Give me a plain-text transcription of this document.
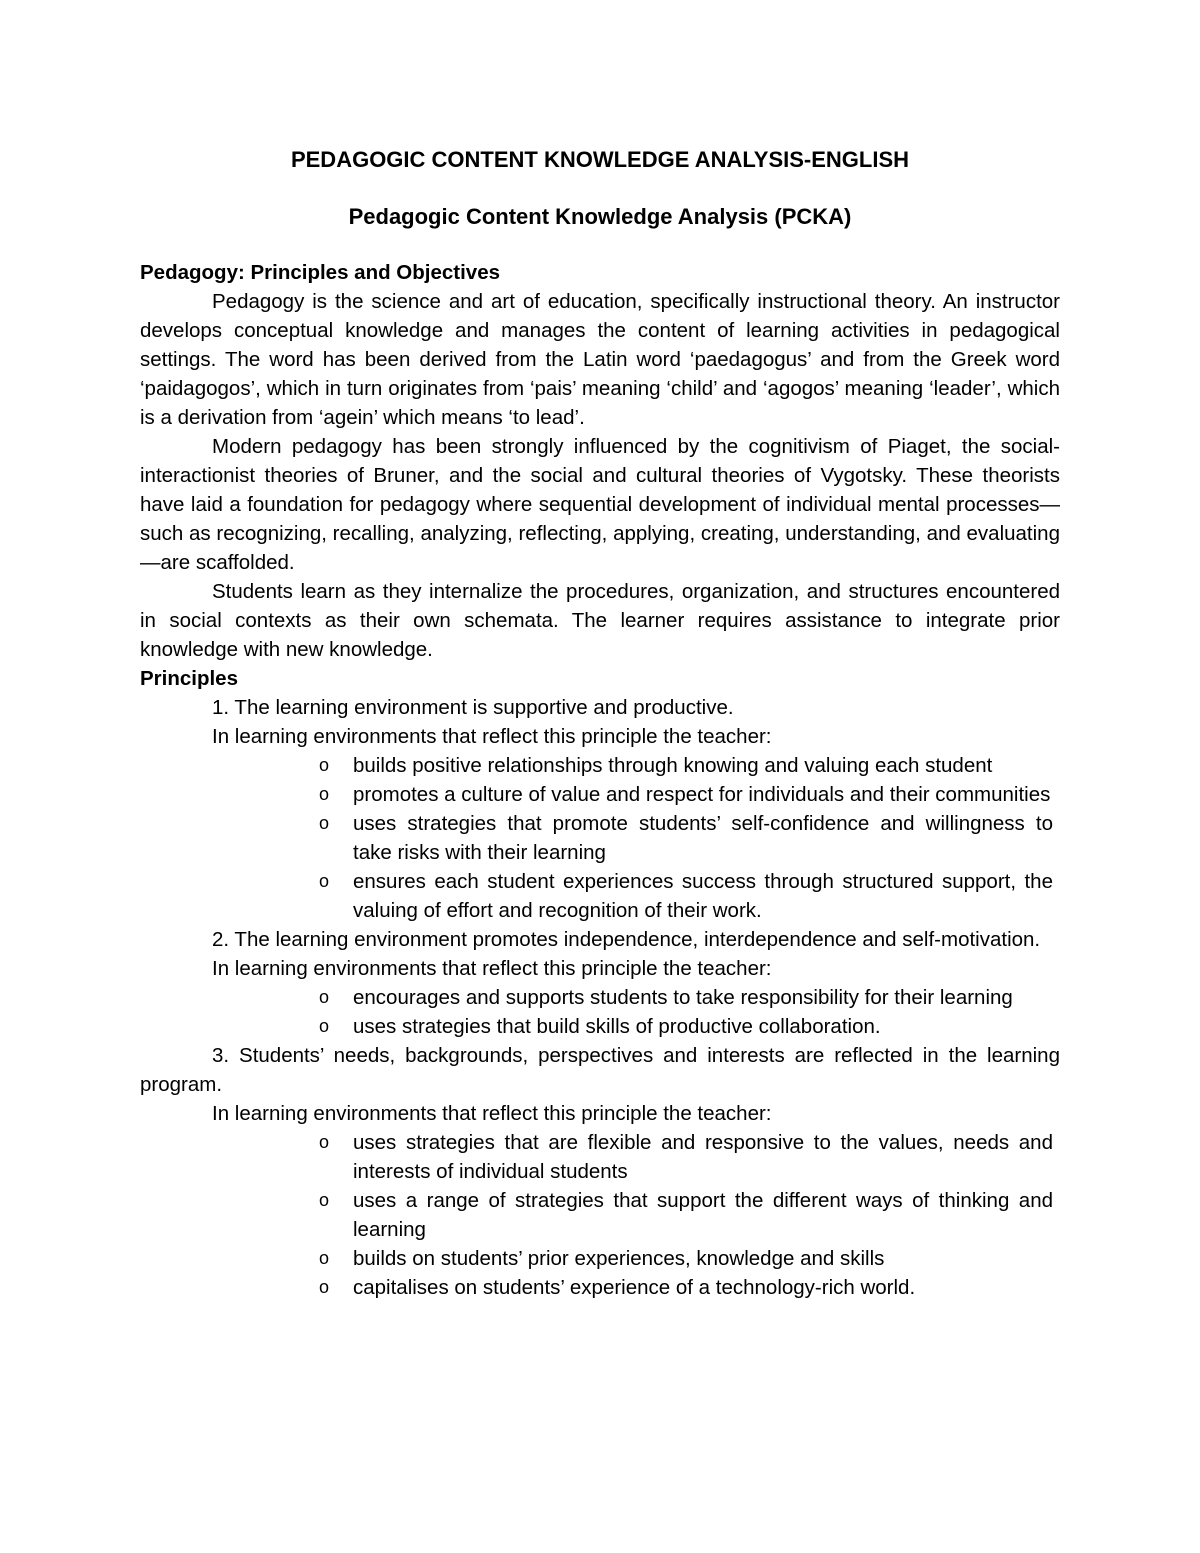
PEDAGOGIC CONTENT KNOWLEDGE ANALYSIS-ENGLISH
Pedagogic Content Knowledge Analysis (PCKA)

Pedagogy: Principles and Objectives

Pedagogy is the science and art of education, specifically instructional theory. An instructor develops conceptual knowledge and manages the content of learning activities in pedagogical settings. The word has been derived from the Latin word ‘paedagogus’ and from the Greek word ‘paidagogos’, which in turn originates from ‘pais’ meaning ‘child’ and ‘agogos’ meaning ‘leader’, which is a derivation from ‘agein’ which means ‘to lead’.

Modern pedagogy has been strongly influenced by the cognitivism of Piaget, the social-interactionist theories of Bruner, and the social and cultural theories of Vygotsky. These theorists have laid a foundation for pedagogy where sequential development of individual mental processes—such as recognizing, recalling, analyzing, reflecting, applying, creating, understanding, and evaluating—are scaffolded.

Students learn as they internalize the procedures, organization, and structures encountered in social contexts as their own schemata. The learner requires assistance to integrate prior knowledge with new knowledge.

Principles

1. The learning environment is supportive and productive.

In learning environments that reflect this principle the teacher:

o builds positive relationships through knowing and valuing each student
o promotes a culture of value and respect for individuals and their communities
o uses strategies that promote students’ self-confidence and willingness to take risks with their learning
o ensures each student experiences success through structured support, the valuing of effort and recognition of their work.

2. The learning environment promotes independence, interdependence and self-motivation.

In learning environments that reflect this principle the teacher:

o encourages and supports students to take responsibility for their learning
o uses strategies that build skills of productive collaboration.

3. Students’ needs, backgrounds, perspectives and interests are reflected in the learning program.

In learning environments that reflect this principle the teacher:

o uses strategies that are flexible and responsive to the values, needs and interests of individual students
o uses a range of strategies that support the different ways of thinking and learning
o builds on students’ prior experiences, knowledge and skills
o capitalises on students’ experience of a technology-rich world.
